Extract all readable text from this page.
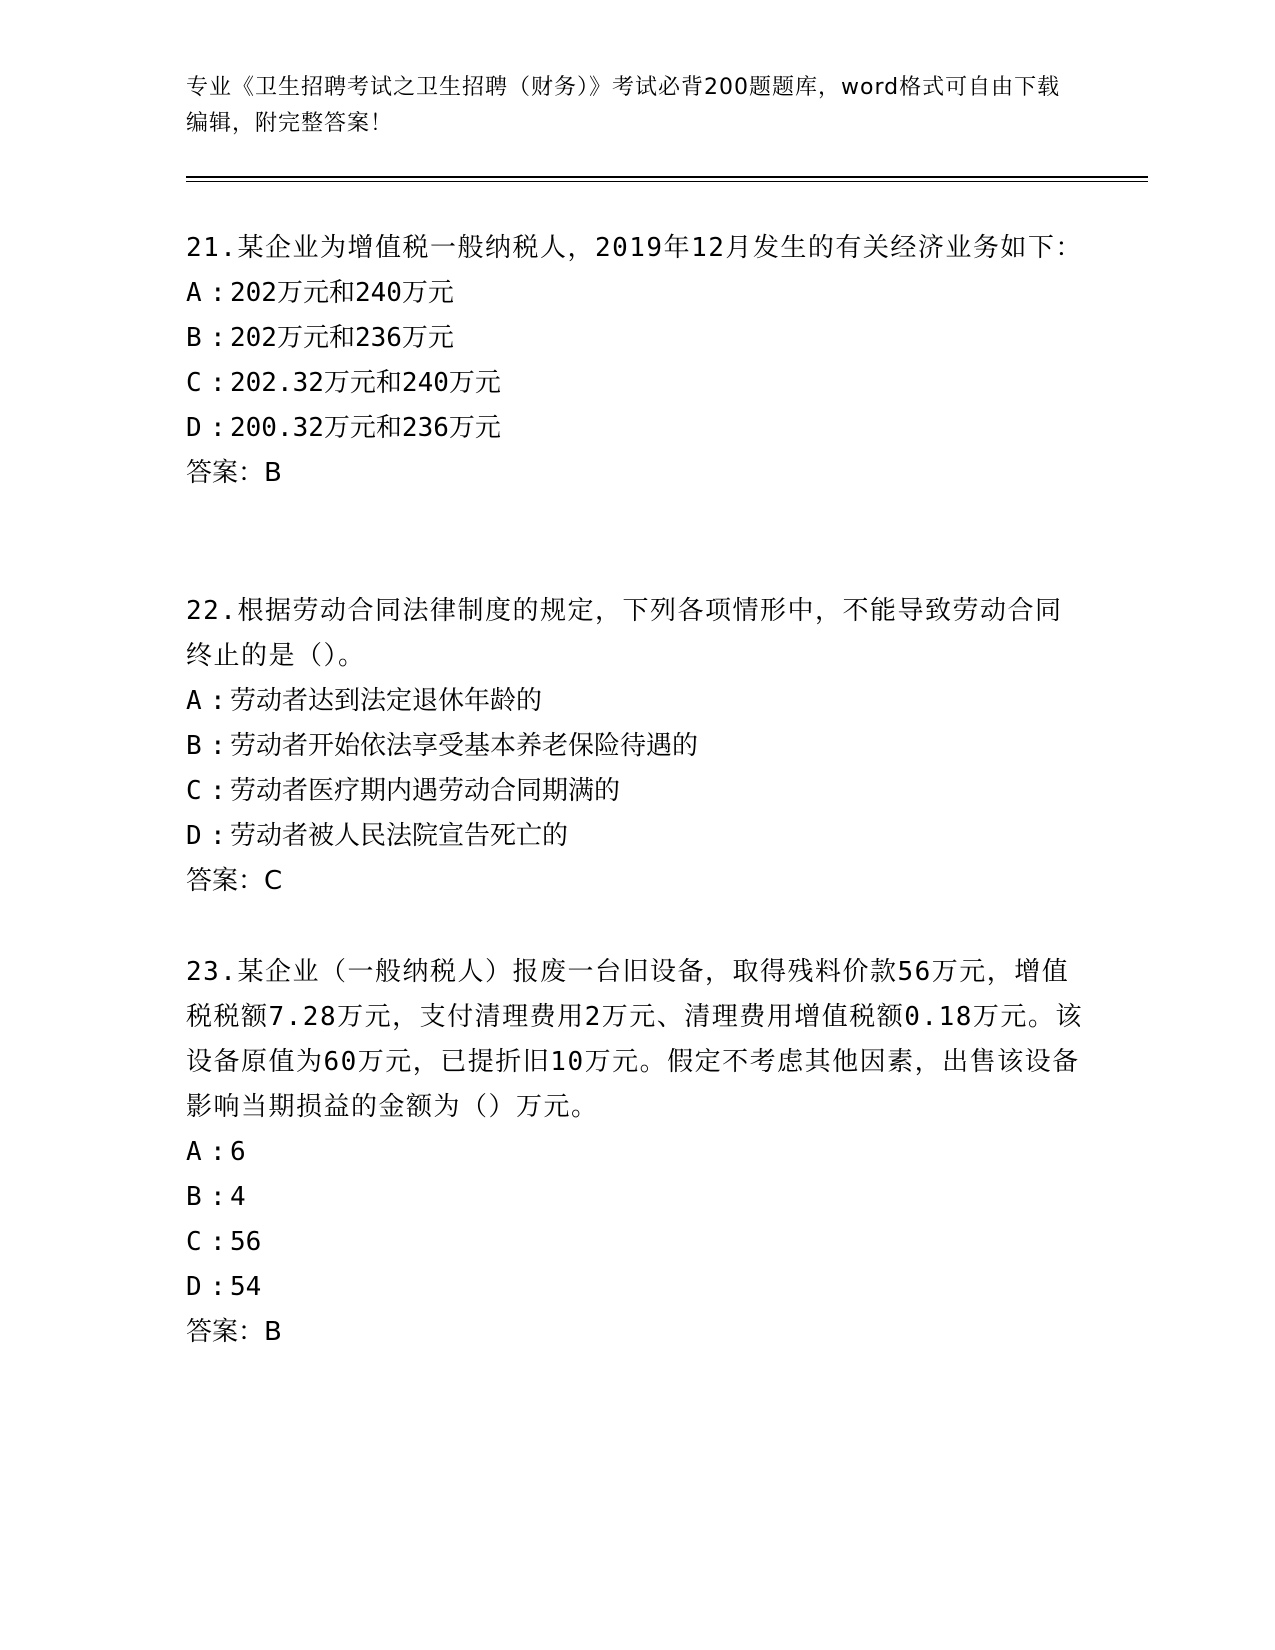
专业《卫生招聘考试之卫生招聘（财务）》考试必背200题题库，word格式可自由下载编辑，附完整答案！

21.某企业为增值税一般纳税人，2019年12月发生的有关经济业务如下：

A : 202万元和240万元
B : 202万元和236万元
C : 202.32万元和240万元
D : 200.32万元和236万元
答案：B

22.根据劳动合同法律制度的规定，下列各项情形中，不能导致劳动合同终止的是（）。

A : 劳动者达到法定退休年龄的
B : 劳动者开始依法享受基本养老保险待遇的
C : 劳动者医疗期内遇劳动合同期满的
D : 劳动者被人民法院宣告死亡的
答案：C

23.某企业（一般纳税人）报废一台旧设备，取得残料价款56万元，增值税税额7.28万元，支付清理费用2万元、清理费用增值税额0.18万元。该设备原值为60万元，已提折旧10万元。假定不考虑其他因素，出售该设备影响当期损益的金额为（）万元。

A : 6
B : 4
C : 56
D : 54
答案：B
